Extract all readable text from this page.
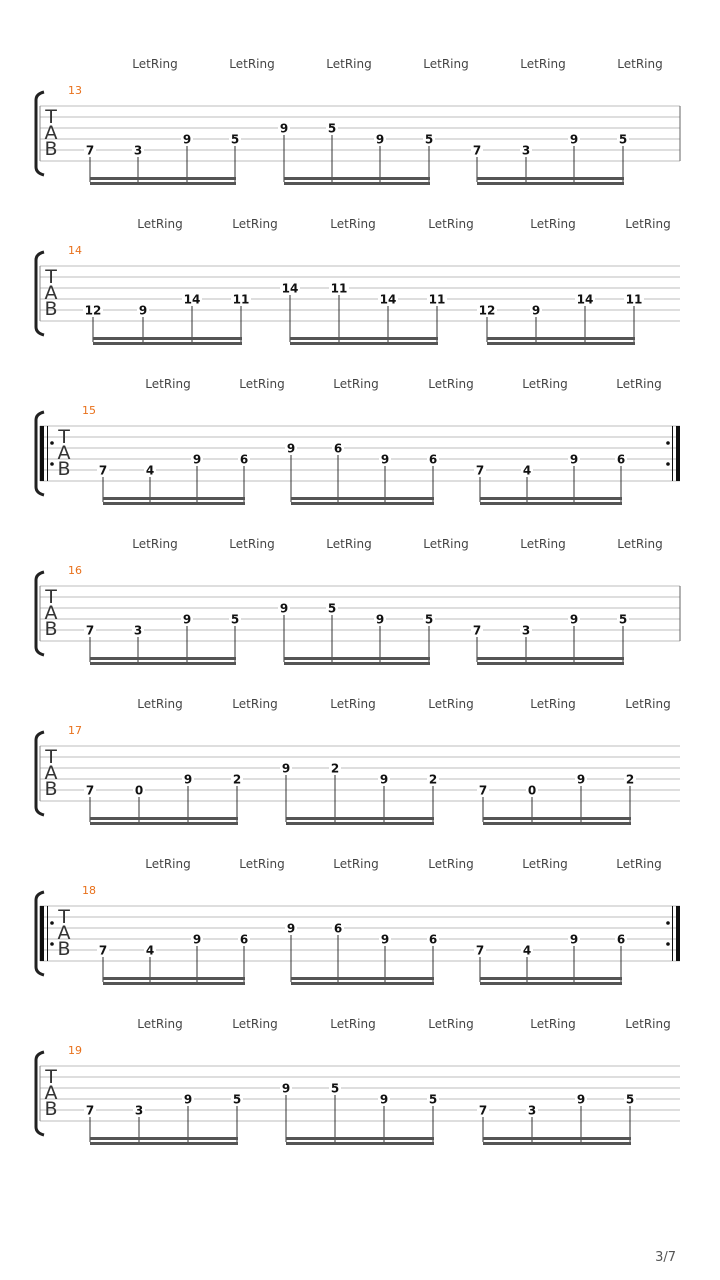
LetRing	LetRing	LetRing	LetRing	LetRing	LetRing
13
T
A
B 7	3
9	5
9	5
9	5
7	3
9	5
LetRing	LetRing	LetRing	LetRing	LetRing	LetRing
14
T
A
B 12	9
14	11
14	11
14	11
12	9
14	11
LetRing	LetRing	LetRing	LetRing	LetRing	LetRing
15
T
A
B 7	4
9	6
9	6
9	6
7	4
9	6
LetRing	LetRing	LetRing	LetRing	LetRing	LetRing
16
T
A
B 7	3
9	5
9	5
9	5
7	3
9	5
LetRing	LetRing	LetRing	LetRing	LetRing	LetRing
17
T
A
B 7	0
9	2
9	2
9	2
7	0
9	2
LetRing	LetRing	LetRing	LetRing	LetRing	LetRing
18
T
A
B 7	4
9	6
9	6
9	6
7	4
9	6
LetRing	LetRing	LetRing	LetRing	LetRing	LetRing
19
T
A
B 7	3
9	5
9	5
9	5
7	3
9	5
3/7
